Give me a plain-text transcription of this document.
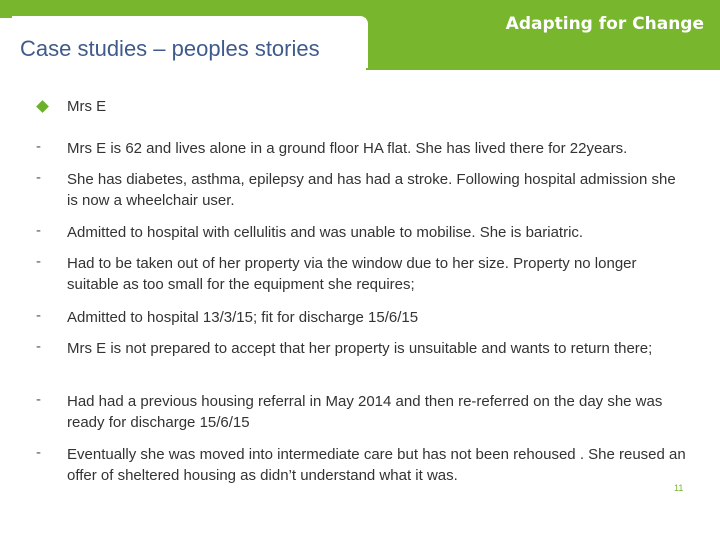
Case studies – peoples stories
Adapting for Change
Mrs E
- Mrs E is 62 and lives alone in a ground floor HA flat. She has lived there for 22years.
- She has diabetes, asthma, epilepsy and has had a stroke. Following hospital admission she is now a wheelchair user.
- Admitted to hospital with cellulitis and was unable to mobilise. She is bariatric.
- Had to be taken out of her property via the window due to her size. Property no longer suitable as too small for the equipment she requires;
- Admitted to hospital 13/3/15; fit for discharge 15/6/15
- Mrs E is not prepared to accept that her property is unsuitable and wants to return there;
- Had had a previous housing referral in May 2014 and then re-referred on the day she was ready for discharge 15/6/15
- Eventually she was moved into intermediate care but has not been rehoused . She reused an offer of sheltered housing as didn’t understand what it was.
11
